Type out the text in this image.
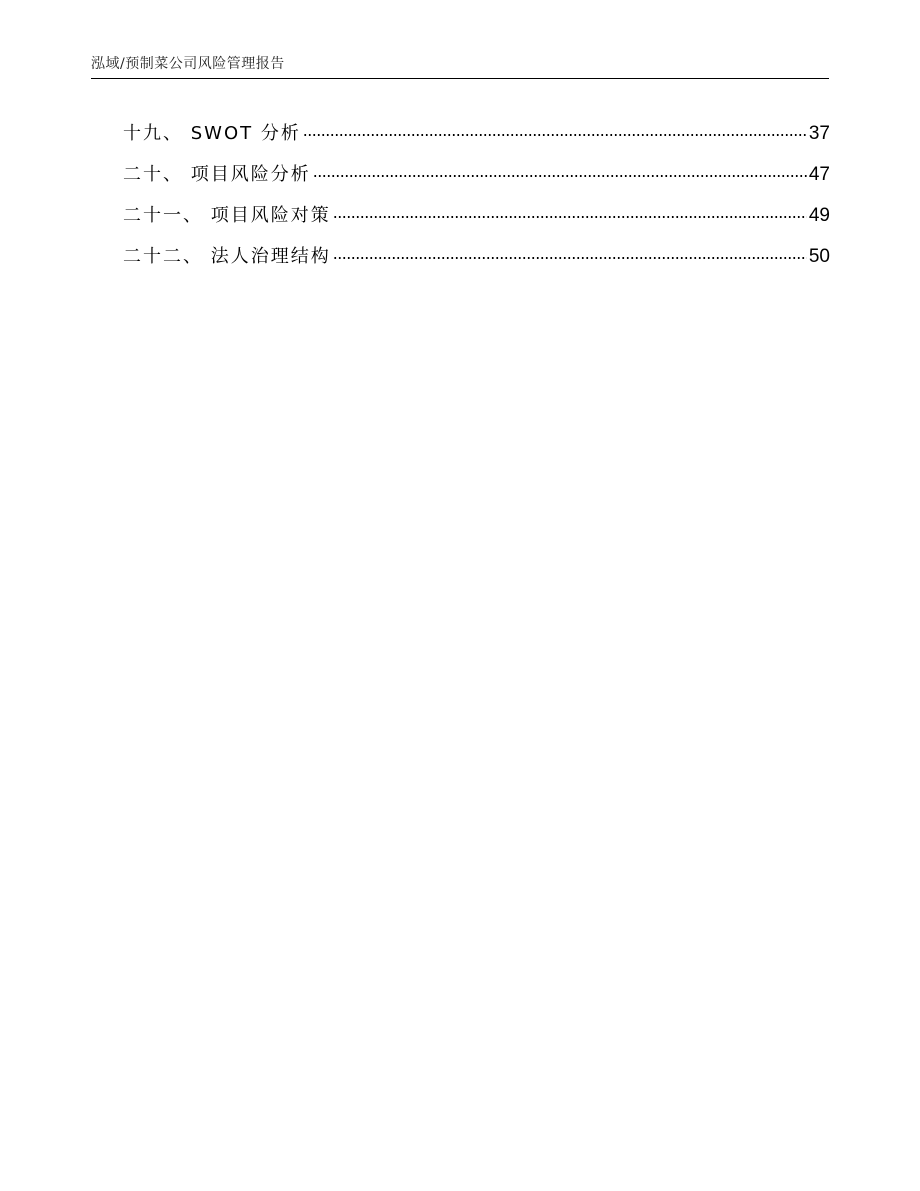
泓域/预制菜公司风险管理报告
十九、 SWOT 分析	37
二十、 项目风险分析	47
二十一、 项目风险对策	49
二十二、 法人治理结构	50
